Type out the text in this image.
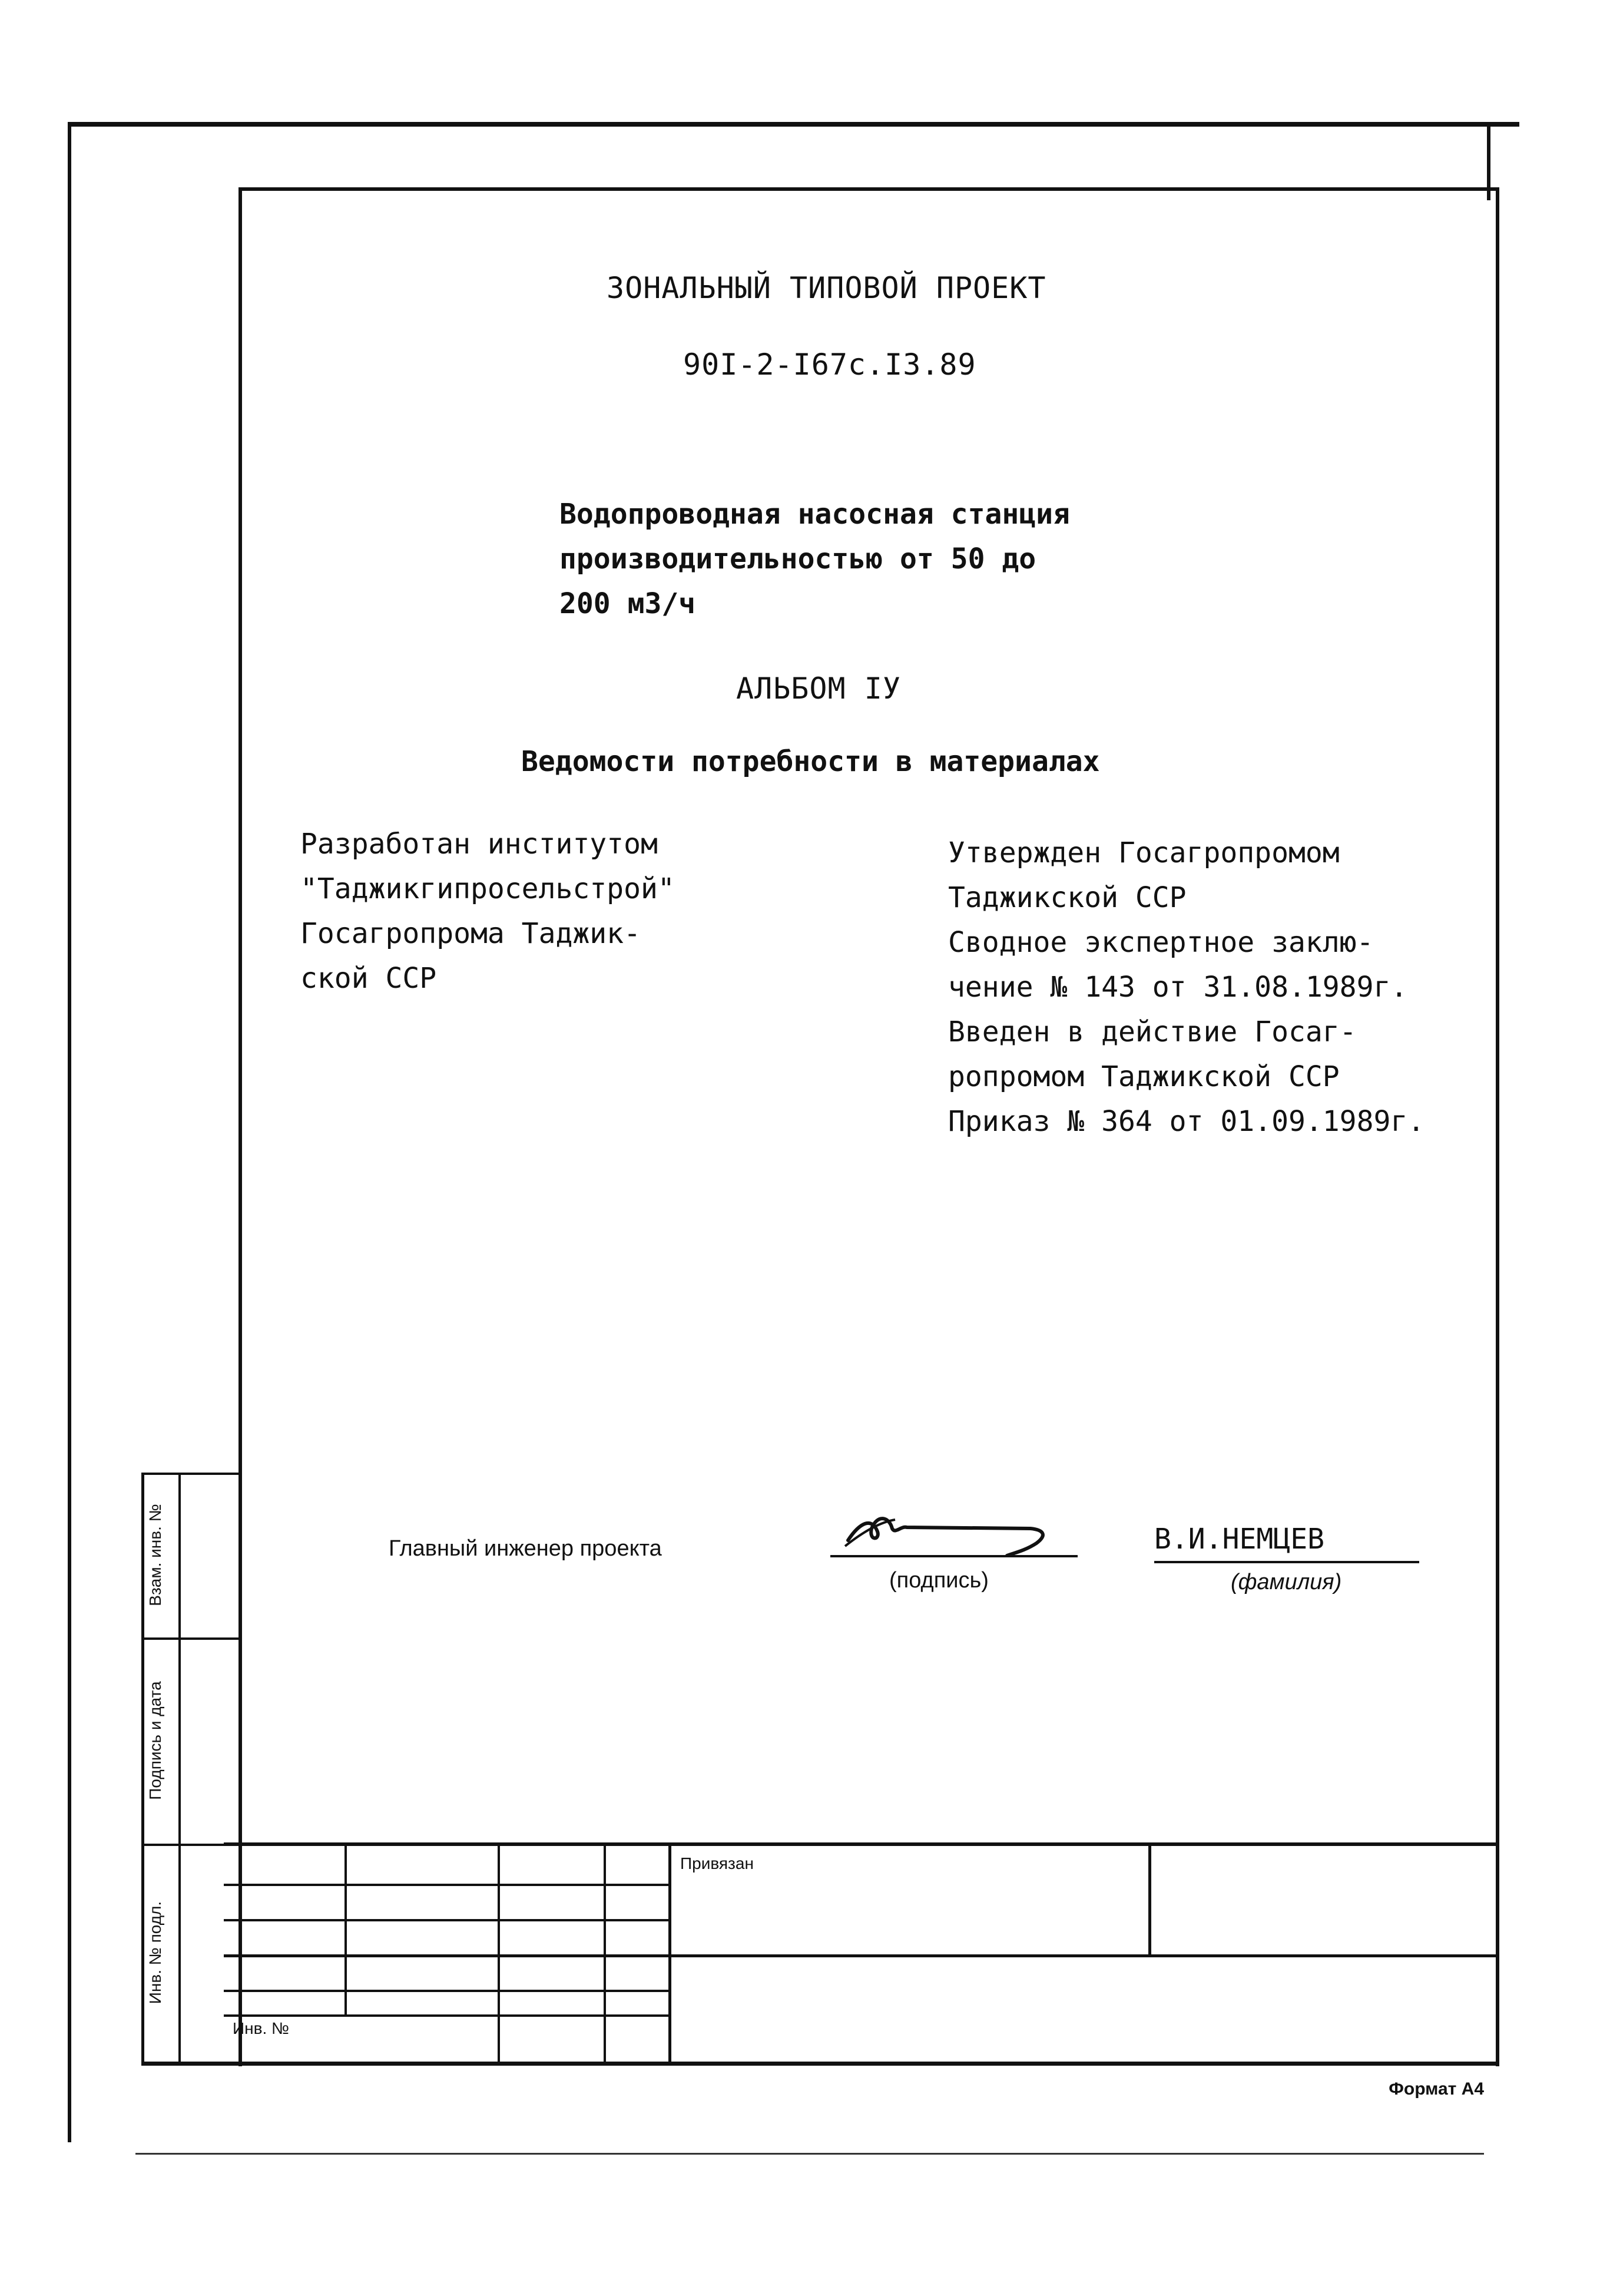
Взам. инв. №
Подпись и дата
Инв. № подл.
ЗОНАЛЬНЫЙ ТИПОВОЙ ПРОЕКТ
90I-2-I67c.I3.89
Водопроводная насосная станция
производительностью от 50 до
200 м3/ч
АЛЬБОМ IУ
Ведомости потребности в материалах
Разработан институтом
"Таджикгипросельстрой"
Госагропрома Таджик-
ской ССР
Утвержден Госагропромом
Таджикской ССР
Сводное экспертное заклю-
чение № 143 от 31.08.1989г.
Введен в действие Госаг-
ропромом Таджикской ССР
Приказ № 364 от 01.09.1989г.
Главный инженер проекта
(подпись)
В.И.НЕМЦЕВ
(фамилия)
Привязан
Инв. №
Формат А4
